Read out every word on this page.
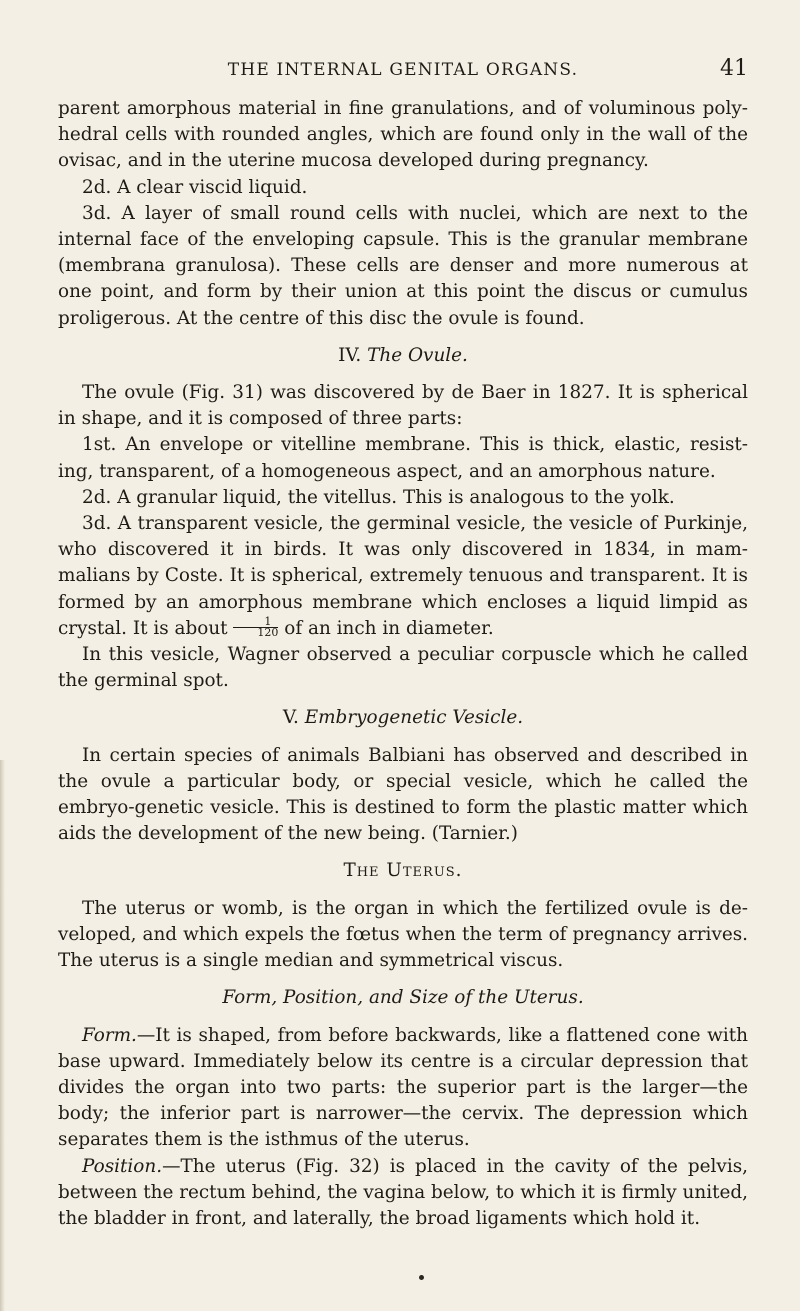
THE INTERNAL GENITAL ORGANS.	41

parent amorphous material in fine granulations, and of voluminous poly-hedral cells with rounded angles, which are found only in the wall of the ovisac, and in the uterine mucosa developed during pregnancy.

2d. A clear viscid liquid.

3d. A layer of small round cells with nuclei, which are next to the internal face of the enveloping capsule. This is the granular membrane (membrana granulosa). These cells are denser and more numerous at one point, and form by their union at this point the discus or cumulus proligerous. At the centre of this disc the ovule is found.

IV. The Ovule.

The ovule (Fig. 31) was discovered by de Baer in 1827. It is spherical in shape, and it is composed of three parts:

1st. An envelope or vitelline membrane. This is thick, elastic, resist-ing, transparent, of a homogeneous aspect, and an amorphous nature.

2d. A granular liquid, the vitellus. This is analogous to the yolk.

3d. A transparent vesicle, the germinal vesicle, the vesicle of Purkinje, who discovered it in birds. It was only discovered in 1834, in mam-malians by Coste. It is spherical, extremely tenuous and transparent. It is formed by an amorphous membrane which encloses a liquid limpid as crystal. It is about $\frac{1}{120}$ of an inch in diameter.

In this vesicle, Wagner observed a peculiar corpuscle which he called the germinal spot.

V. Embryogenetic Vesicle.

In certain species of animals Balbiani has observed and described in the ovule a particular body, or special vesicle, which he called the embryo-genetic vesicle. This is destined to form the plastic matter which aids the development of the new being. (Tarnier.)

The Uterus.

The uterus or womb, is the organ in which the fertilized ovule is de-veloped, and which expels the fœtus when the term of pregnancy arrives. The uterus is a single median and symmetrical viscus.

Form, Position, and Size of the Uterus.

Form.—It is shaped, from before backwards, like a flattened cone with base upward. Immediately below its centre is a circular depression that divides the organ into two parts: the superior part is the larger—the body; the inferior part is narrower—the cervix. The depression which separates them is the isthmus of the uterus.

Position.—The uterus (Fig. 32) is placed in the cavity of the pelvis, between the rectum behind, the vagina below, to which it is firmly united, the bladder in front, and laterally, the broad ligaments which hold it.
